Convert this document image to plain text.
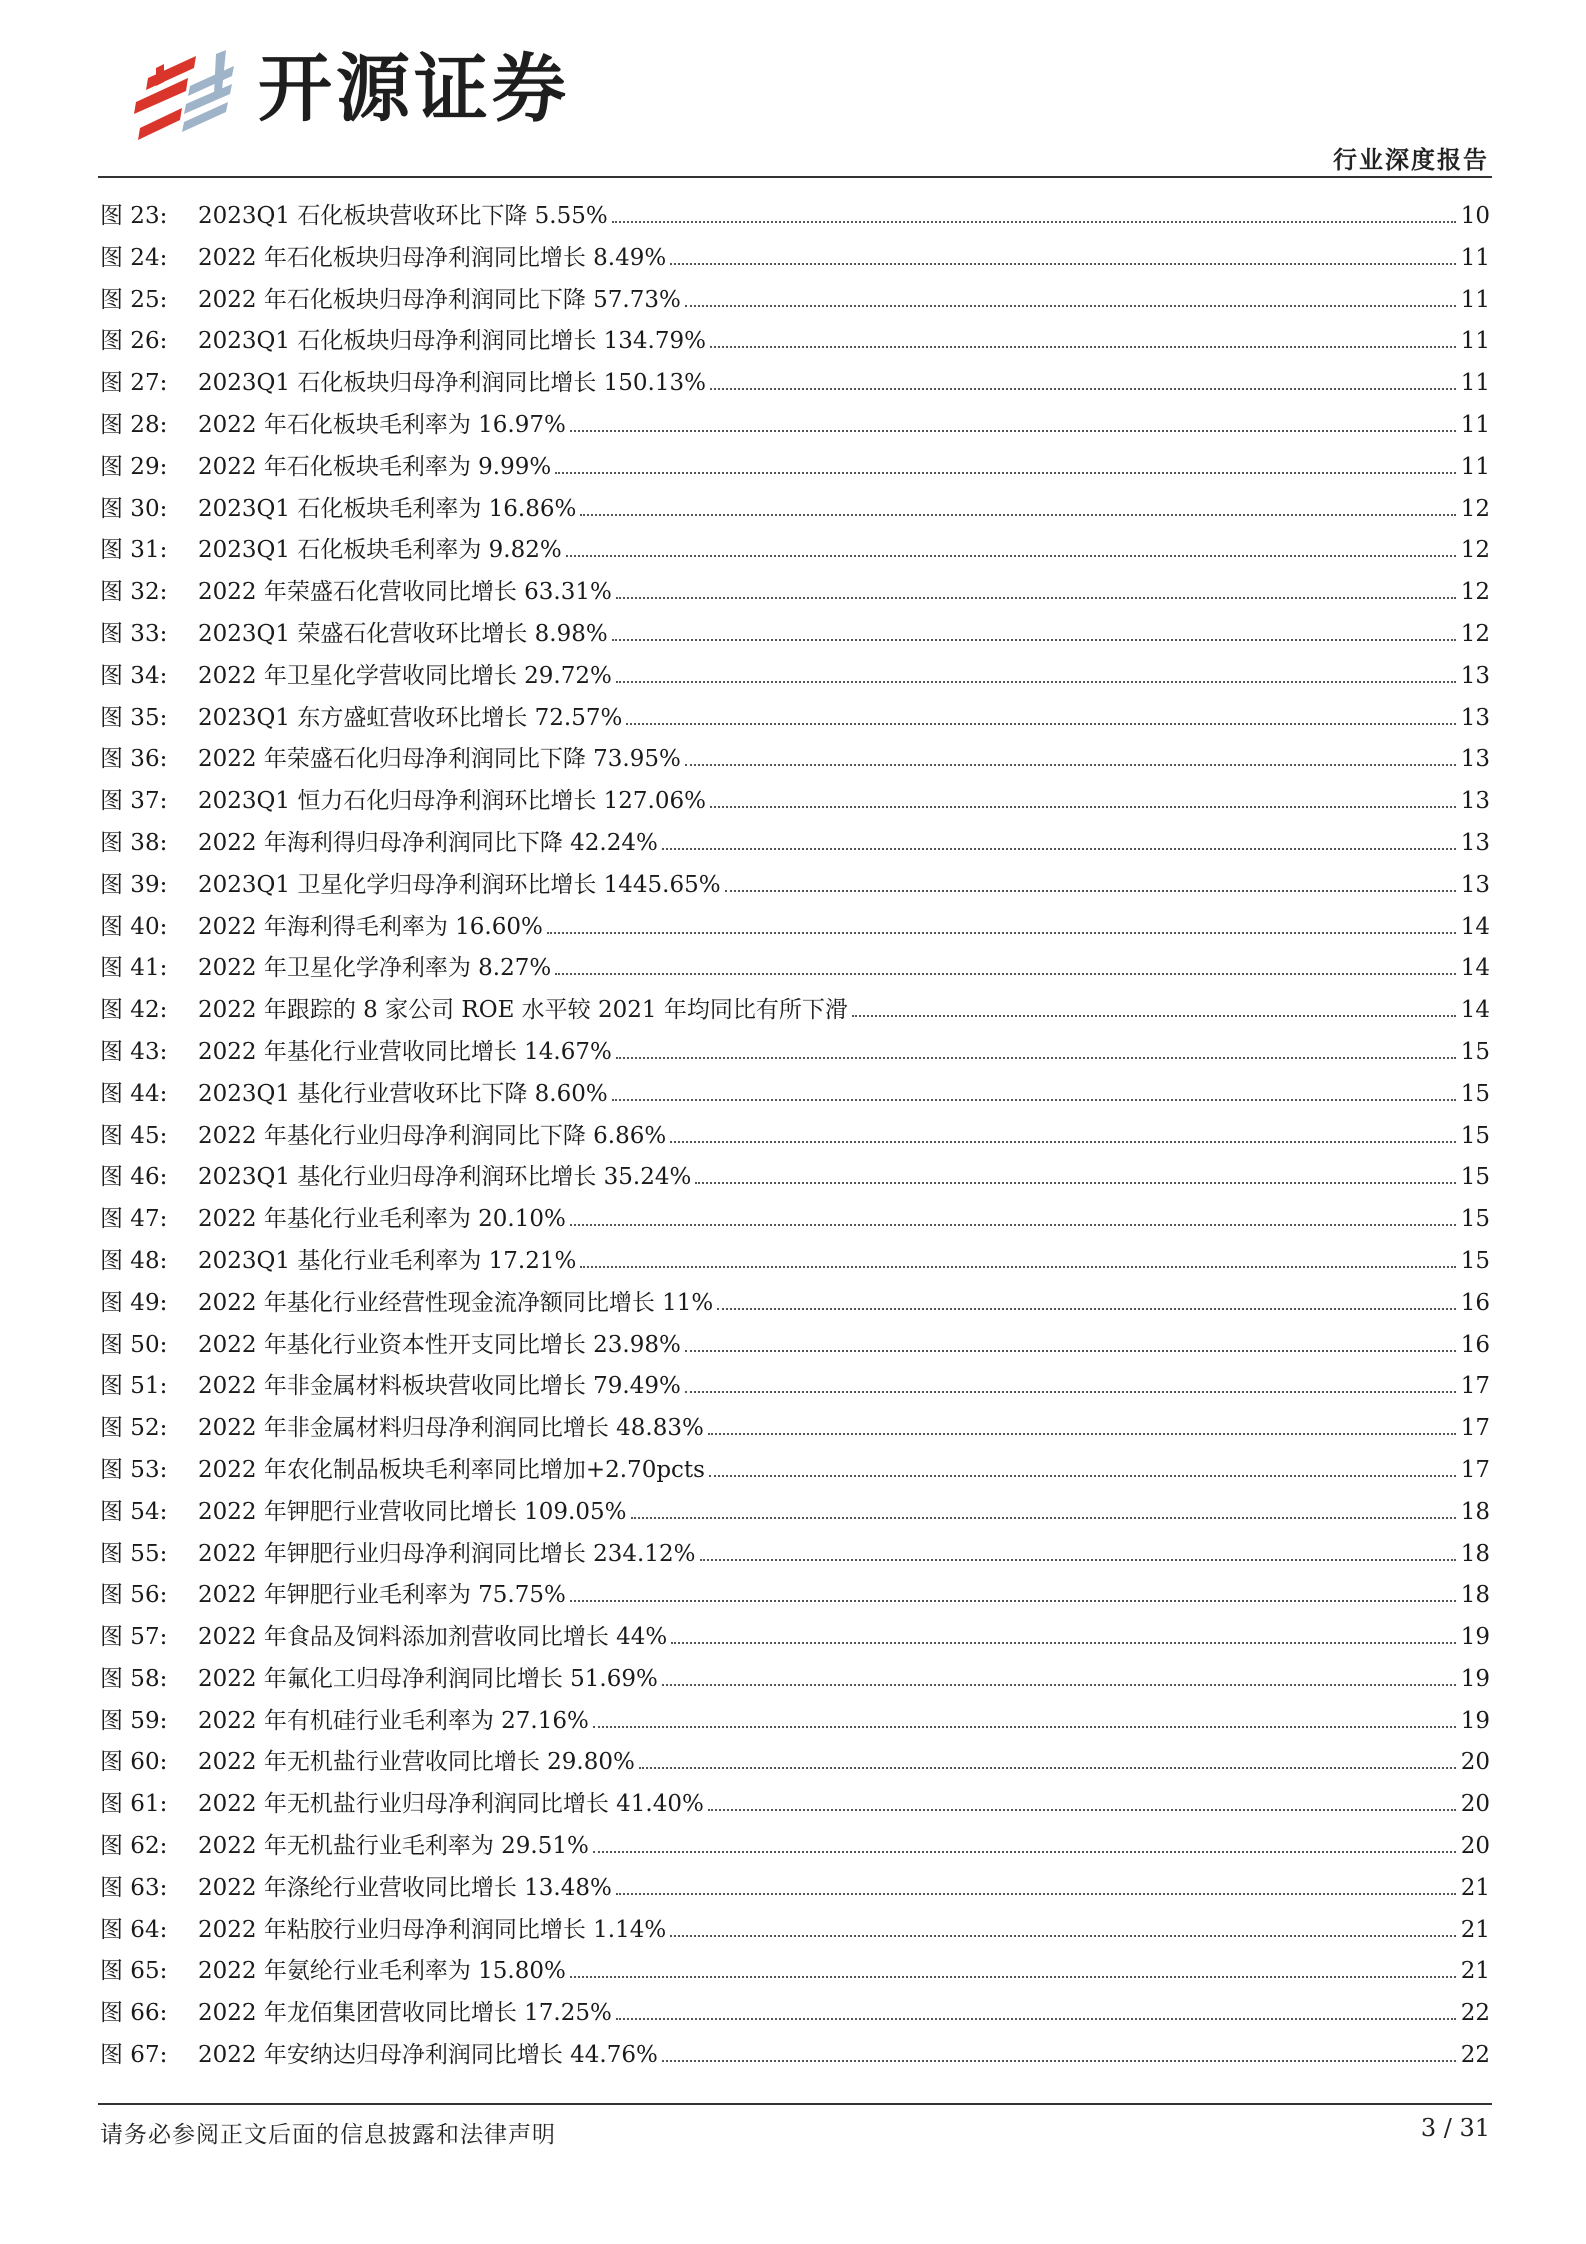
开源证券
行业深度报告
图 23:	2023Q1 石化板块营收环比下降 5.55%	10
图 24:	2022 年石化板块归母净利润同比增长 8.49%	11
图 25:	2022 年石化板块归母净利润同比下降 57.73%	11
图 26:	2023Q1 石化板块归母净利润同比增长 134.79%	11
图 27:	2023Q1 石化板块归母净利润同比增长 150.13%	11
图 28:	2022 年石化板块毛利率为 16.97%	11
图 29:	2022 年石化板块毛利率为 9.99%	11
图 30:	2023Q1 石化板块毛利率为 16.86%	12
图 31:	2023Q1 石化板块毛利率为 9.82%	12
图 32:	2022 年荣盛石化营收同比增长 63.31%	12
图 33:	2023Q1 荣盛石化营收环比增长 8.98%	12
图 34:	2022 年卫星化学营收同比增长 29.72%	13
图 35:	2023Q1 东方盛虹营收环比增长 72.57%	13
图 36:	2022 年荣盛石化归母净利润同比下降 73.95%	13
图 37:	2023Q1 恒力石化归母净利润环比增长 127.06%	13
图 38:	2022 年海利得归母净利润同比下降 42.24%	13
图 39:	2023Q1 卫星化学归母净利润环比增长 1445.65%	13
图 40:	2022 年海利得毛利率为 16.60%	14
图 41:	2022 年卫星化学净利率为 8.27%	14
图 42:	2022 年跟踪的 8 家公司 ROE 水平较 2021 年均同比有所下滑	14
图 43:	2022 年基化行业营收同比增长 14.67%	15
图 44:	2023Q1 基化行业营收环比下降 8.60%	15
图 45:	2022 年基化行业归母净利润同比下降 6.86%	15
图 46:	2023Q1 基化行业归母净利润环比增长 35.24%	15
图 47:	2022 年基化行业毛利率为 20.10%	15
图 48:	2023Q1 基化行业毛利率为 17.21%	15
图 49:	2022 年基化行业经营性现金流净额同比增长 11%	16
图 50:	2022 年基化行业资本性开支同比增长 23.98%	16
图 51:	2022 年非金属材料板块营收同比增长 79.49%	17
图 52:	2022 年非金属材料归母净利润同比增长 48.83%	17
图 53:	2022 年农化制品板块毛利率同比增加+2.70pcts	17
图 54:	2022 年钾肥行业营收同比增长 109.05%	18
图 55:	2022 年钾肥行业归母净利润同比增长 234.12%	18
图 56:	2022 年钾肥行业毛利率为 75.75%	18
图 57:	2022 年食品及饲料添加剂营收同比增长 44%	19
图 58:	2022 年氟化工归母净利润同比增长 51.69%	19
图 59:	2022 年有机硅行业毛利率为 27.16%	19
图 60:	2022 年无机盐行业营收同比增长 29.80%	20
图 61:	2022 年无机盐行业归母净利润同比增长 41.40%	20
图 62:	2022 年无机盐行业毛利率为 29.51%	20
图 63:	2022 年涤纶行业营收同比增长 13.48%	21
图 64:	2022 年粘胶行业归母净利润同比增长 1.14%	21
图 65:	2022 年氨纶行业毛利率为 15.80%	21
图 66:	2022 年龙佰集团营收同比增长 17.25%	22
图 67:	2022 年安纳达归母净利润同比增长 44.76%	22
请务必参阅正文后面的信息披露和法律声明	3 / 31
